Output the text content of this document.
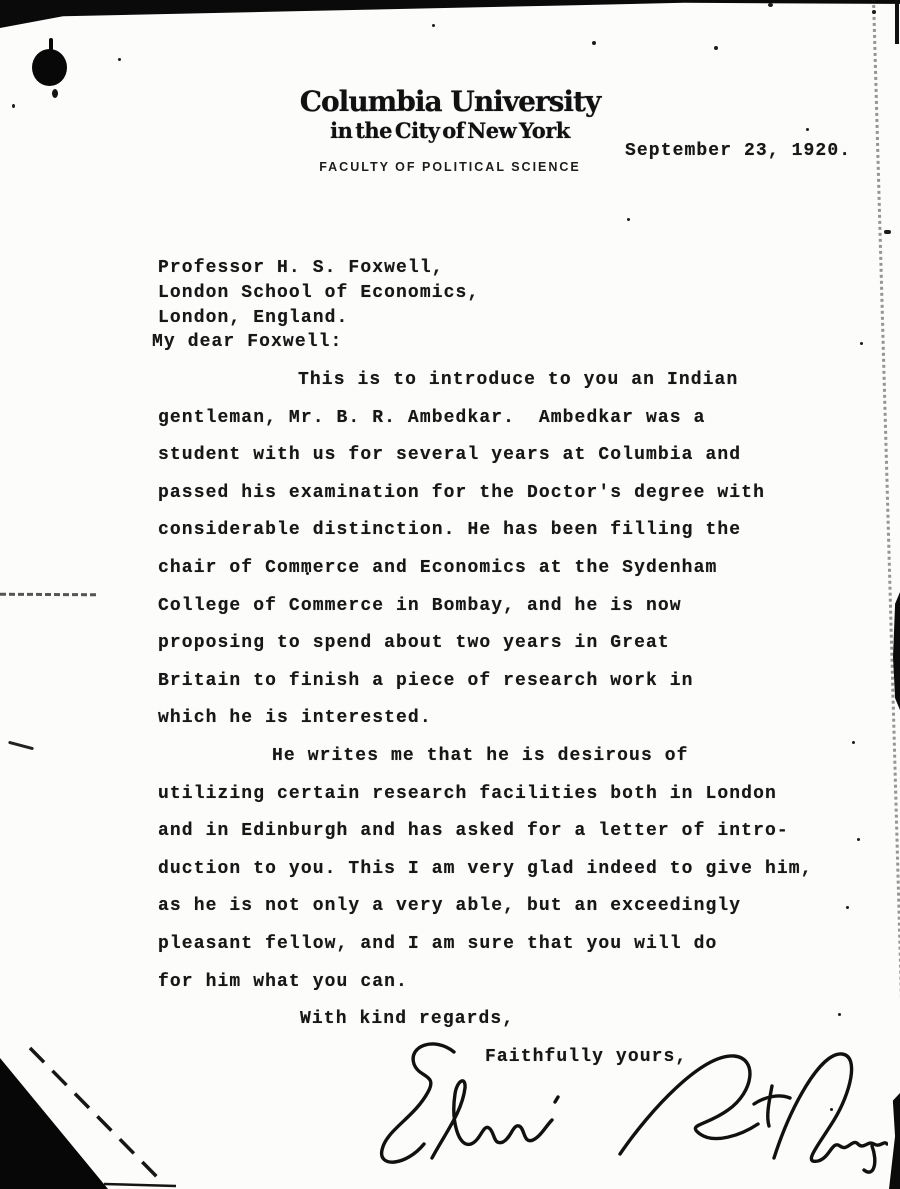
Columbia University
in the City of New York
FACULTY OF POLITICAL SCIENCE
September 23, 1920.
Professor H. S. Foxwell,
London School of Economics,
London, England.
My dear Foxwell:
This is to introduce to you an Indian
gentleman, Mr. B. R. Ambedkar.  Ambedkar was a
student with us for several years at Columbia and
passed his examination for the Doctor's degree with
considerable distinction. He has been filling the
chair of Commerce and Economics at the Sydenham
College of Commerce in Bombay, and he is now
proposing to spend about two years in Great
Britain to finish a piece of research work in
which he is interested.
He writes me that he is desirous of
utilizing certain research facilities both in London
and in Edinburgh and has asked for a letter of intro-
duction to you. This I am very glad indeed to give him,
as he is not only a very able, but an exceedingly
pleasant fellow, and I am sure that you will do
for him what you can.
With kind regards,
Faithfully yours,
